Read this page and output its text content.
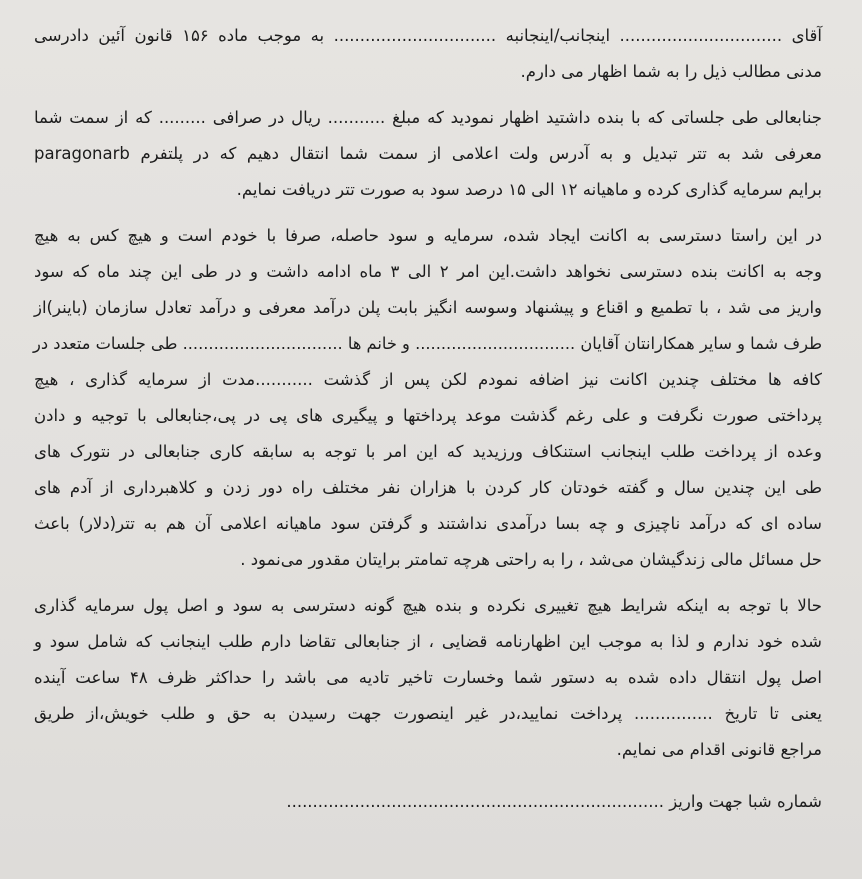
آقای ............................... اینجانب/اینجانبه ............................... به موجب ماده ۱۵۶ قانون آئین دادرسی
مدنی مطالب ذیل را به شما اظهار می دارم.
جنابعالی طی جلساتی که با بنده داشتید اظهار نمودید که مبلغ ........... ریال در صرافی ......... که از سمت شما
معرفی شد به تتر تبدیل و به آدرس ولت اعلامی از سمت شما انتقال دهیم که در پلتفرم paragonarb
برایم سرمایه گذاری کرده و ماهیانه ۱۲ الی ۱۵ درصد سود به صورت تتر دریافت نمایم.
در این راستا دسترسی به اکانت ایجاد شده، سرمایه و سود حاصله، صرفا با خودم است و هیچ کس به هیچ
وجه به اکانت بنده دسترسی نخواهد داشت.این امر ۲ الی ۳ ماه ادامه داشت و در طی این چند ماه که سود
واریز می شد ، با تطمیع و اقناع و پیشنهاد وسوسه انگیز بابت پلن درآمد معرفی و درآمد تعادل سازمان (باینر)از
طرف شما و سایر همکارانتان آقایان ............................... و خانم ها ............................... طی جلسات متعدد در
کافه ها مختلف چندین اکانت نیز اضافه نمودم لکن پس از گذشت ...........مدت از سرمایه گذاری ، هیچ
پرداختی صورت نگرفت و علی رغم گذشت موعد پرداختها و پیگیری های پی در پی،جنابعالی با توجیه و دادن
وعده از پرداخت طلب اینجانب استنکاف ورزیدید که این امر با توجه به سابقه کاری جنابعالی در نتورک های
طی این چندین سال و گفته خودتان کار کردن با هزاران نفر مختلف راه دور زدن و کلاهبرداری از آدم های
ساده ای که درآمد ناچیزی و چه بسا درآمدی نداشتند و گرفتن سود ماهیانه اعلامی آن هم به تتر(دلار) باعث
حل مسائل مالی زندگیشان می‌شد ، را به راحتی هرچه تمامتر برایتان مقدور می‌نمود .
حالا با توجه به اینکه شرایط هیچ تغییری نکرده و بنده هیچ گونه دسترسی به سود و اصل پول سرمایه گذاری
شده خود ندارم و لذا به موجب این اظهارنامه قضایی ، از جنابعالی تقاضا دارم طلب اینجانب که شامل سود و
اصل پول انتقال داده شده به دستور شما وخسارت تاخیر تادیه می باشد را حداکثر ظرف ۴۸ ساعت آینده
یعنی تا تاریخ ............... پرداخت نمایید،در غیر اینصورت جهت رسیدن به حق و طلب خویش،از طریق
مراجع قانونی اقدام می نمایم.
شماره شبا جهت واریز ........................................................................
